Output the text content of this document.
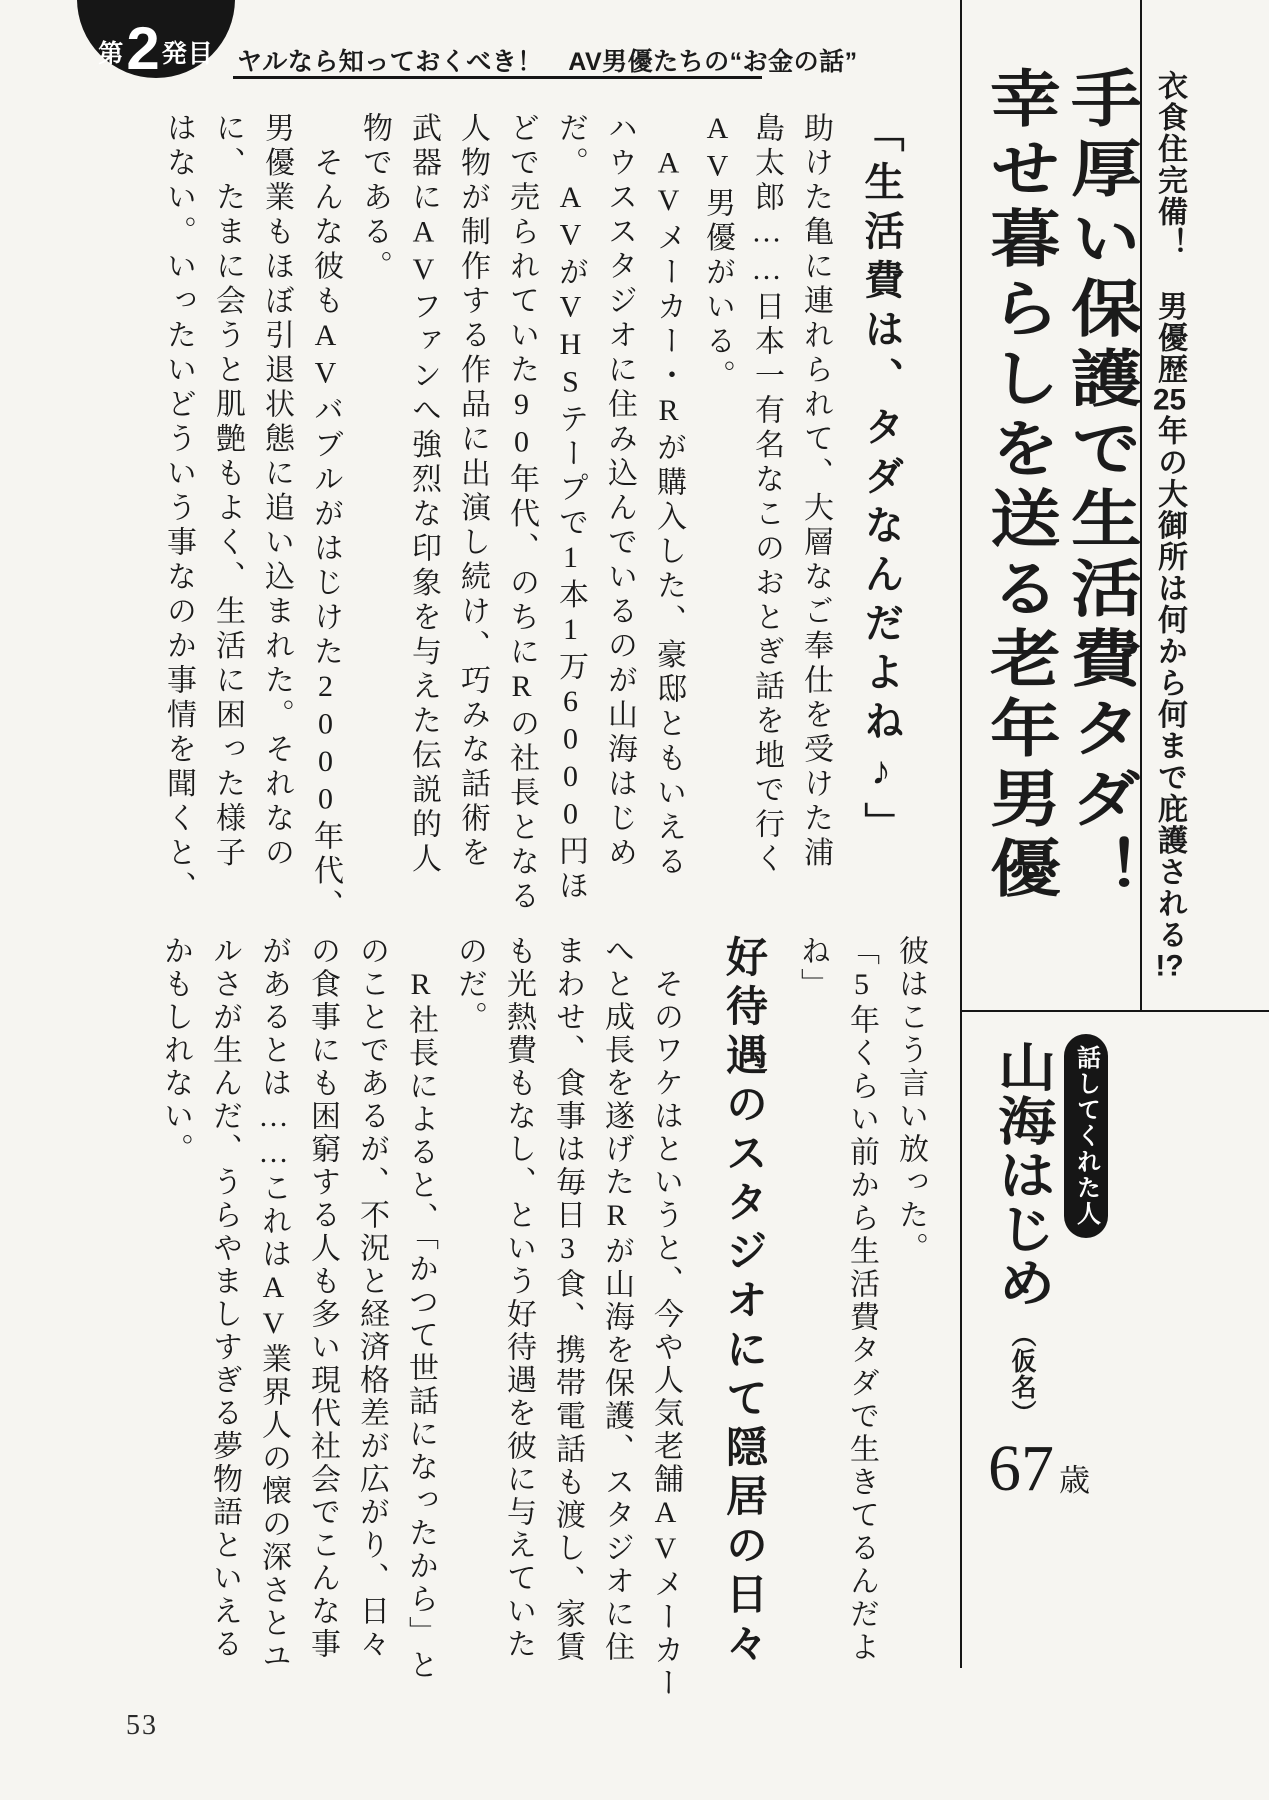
第 2 発目 ヤルなら知っておくべき！　AV男優たちの“お金の話”
衣食住完備！　男優歴25年の大御所は何から何まで庇護される!?
手厚い保護で生活費タダ！
幸せ暮らしを送る老年男優
話してくれた人
山海はじめ
（仮名）
67 歳
「生活費は、タダなんだよね♪」
助けた亀に連れられて、大層なご奉仕を受けた浦
島太郎……日本一有名なこのおとぎ話を地で行く
AV男優がいる。
　AVメーカー・Rが購入した、豪邸ともいえる
ハウススタジオに住み込んでいるのが山海はじめ
だ。AVがVHSテープで1本1万6000円ほ
どで売られていた90年代、のちにRの社長となる
人物が制作する作品に出演し続け、巧みな話術を
武器にAVファンへ強烈な印象を与えた伝説的人
物である。
　そんな彼もAVバブルがはじけた2000年代、
男優業もほぼ引退状態に追い込まれた。それなの
に、たまに会うと肌艶もよく、生活に困った様子
はない。いったいどういう事なのか事情を聞くと、
彼はこう言い放った。
「5年くらい前から生活費タダで生きてるんだよ
ね」
好待遇のスタジオにて隠居の日々
　そのワケはというと、今や人気老舗AVメーカー
へと成長を遂げたRが山海を保護、スタジオに住
まわせ、食事は毎日3食、携帯電話も渡し、家賃
も光熱費もなし、という好待遇を彼に与えていた
のだ。
　R社長によると、「かつて世話になったから」と
のことであるが、不況と経済格差が広がり、日々
の食事にも困窮する人も多い現代社会でこんな事
があるとは……これはAV業界人の懐の深さとユ
ルさが生んだ、うらやましすぎる夢物語といえる
かもしれない。
53
